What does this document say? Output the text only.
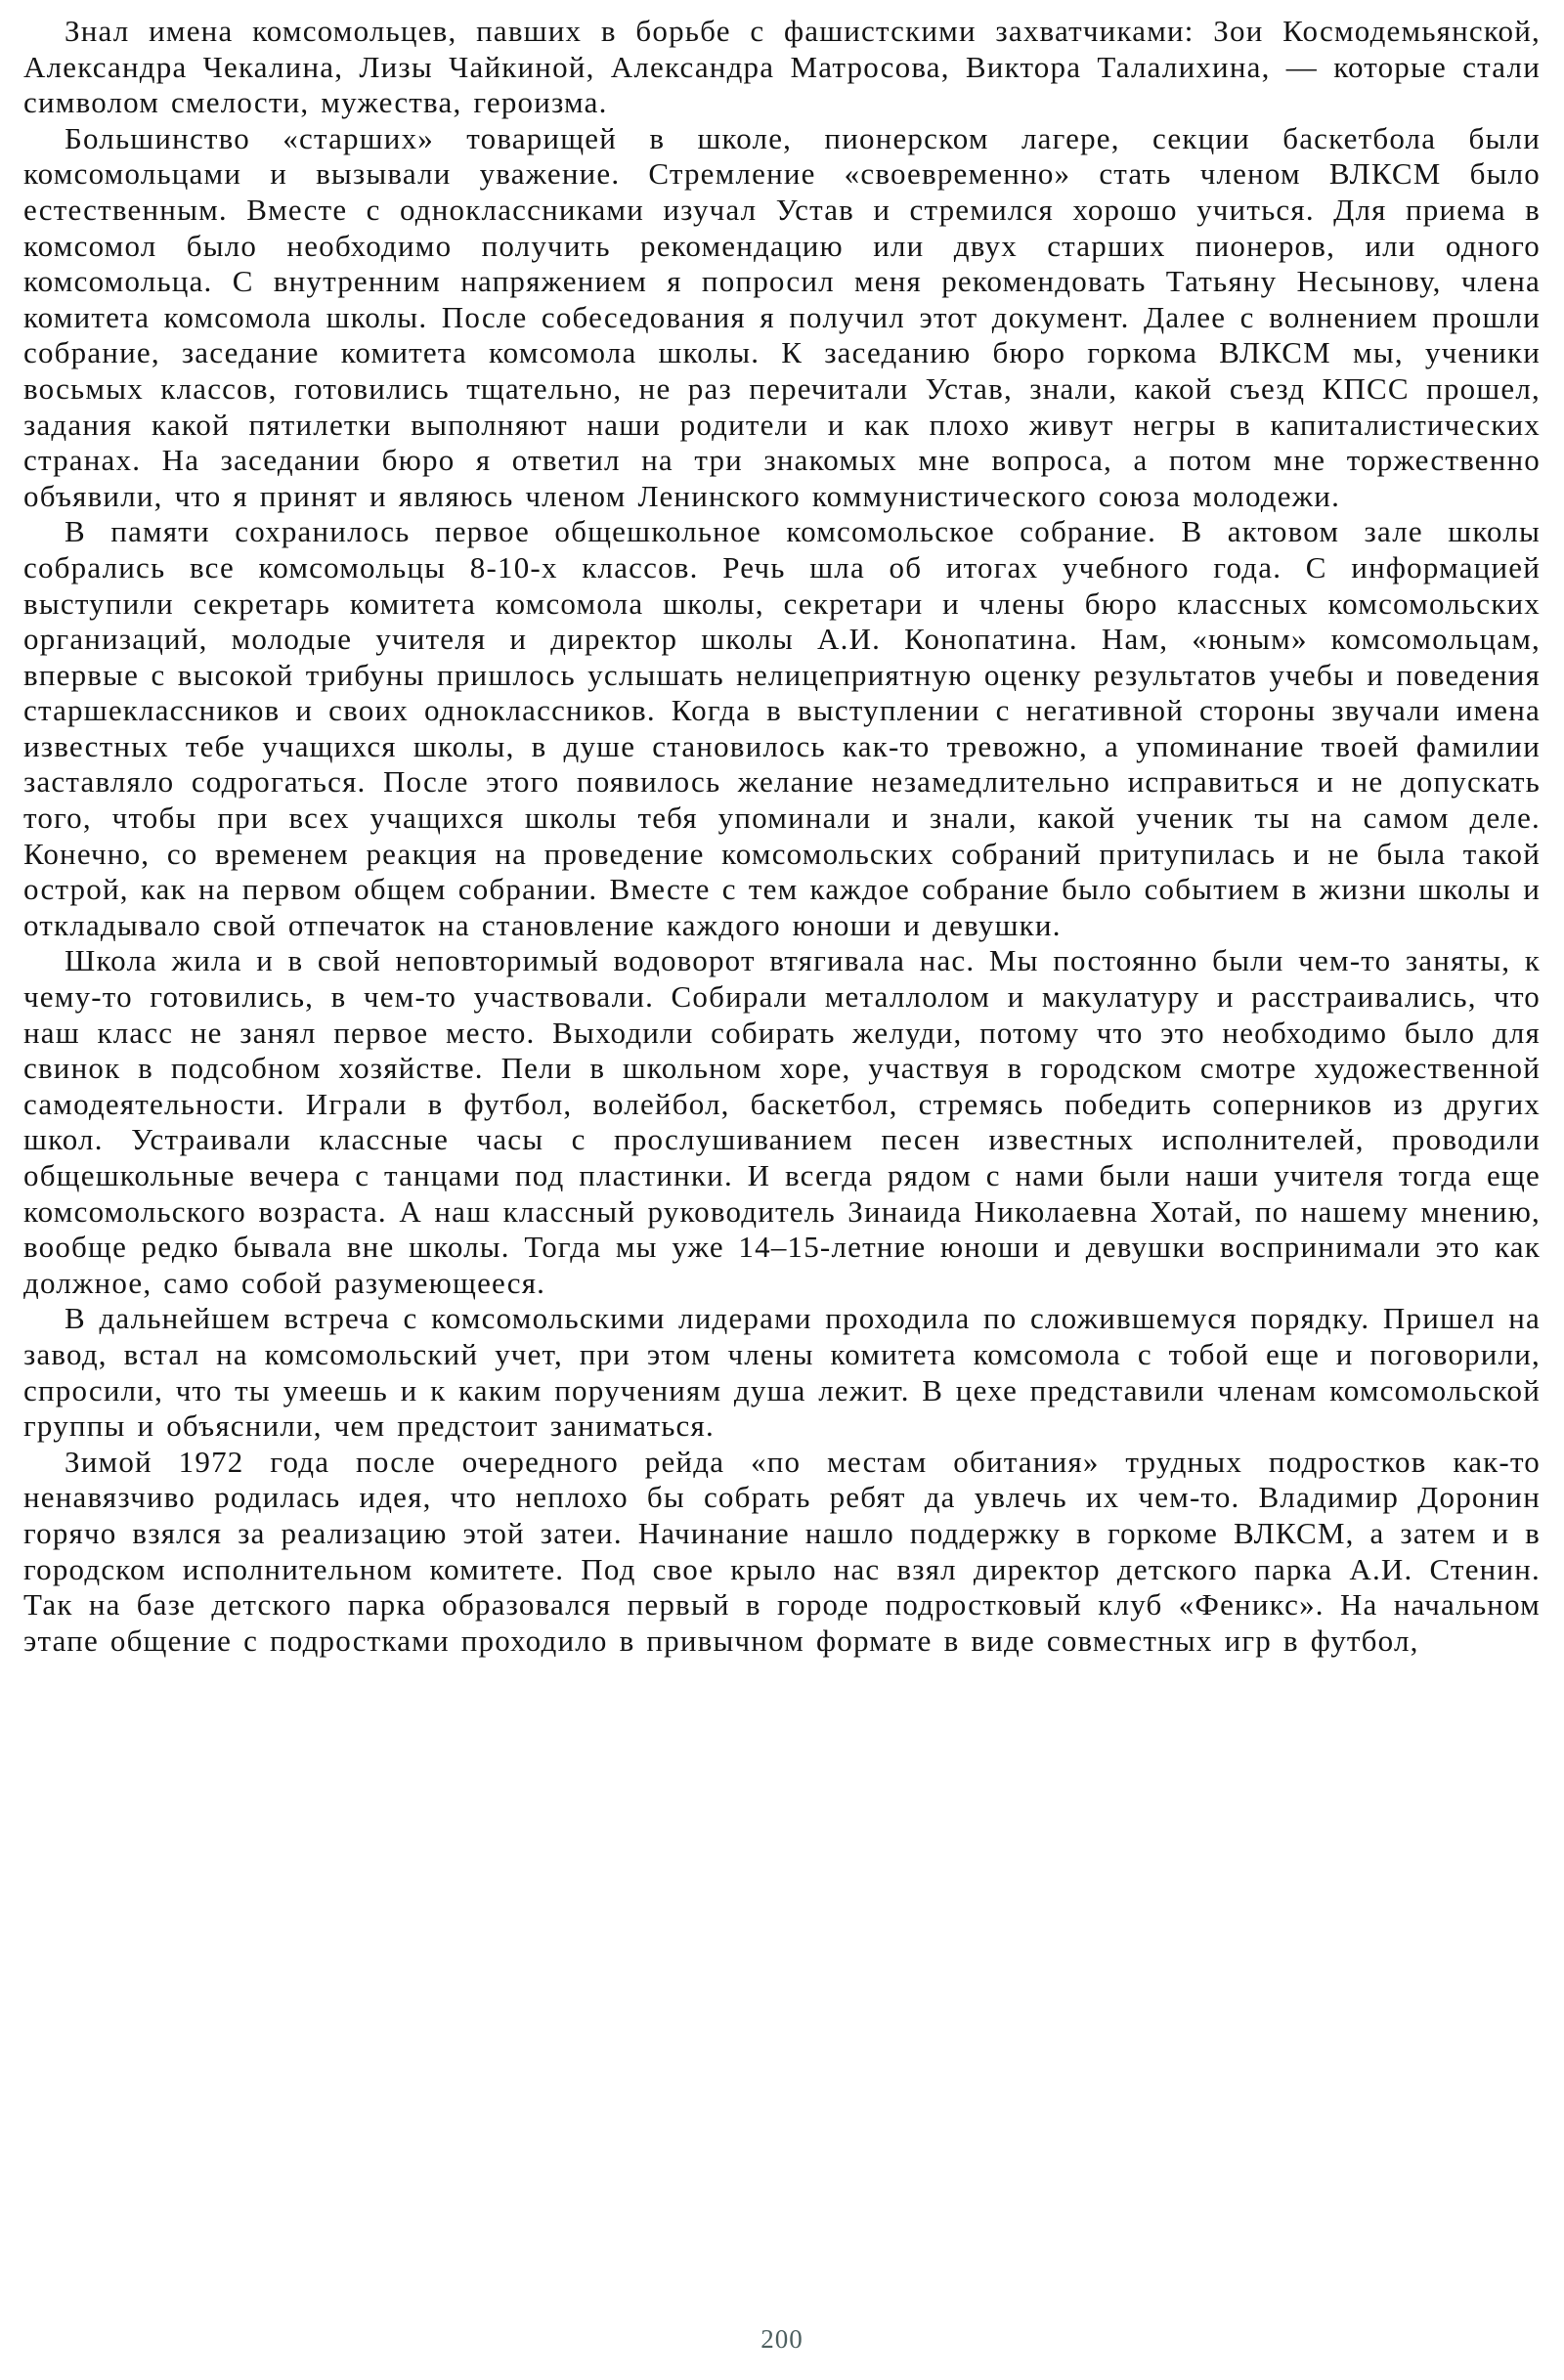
Знал имена комсомольцев, павших в борьбе с фашистскими захватчиками: Зои Космодемьянской, Александра Чекалина, Лизы Чайкиной, Александра Матросова, Виктора Талалихина, — которые стали символом смелости, мужества, героизма.

Большинство «старших» товарищей в школе, пионерском лагере, секции баскетбола были комсомольцами и вызывали уважение. Стремление «своевременно» стать членом ВЛКСМ было естественным. Вместе с одноклассниками изучал Устав и стремился хорошо учиться. Для приема в комсомол было необходимо получить рекомендацию или двух старших пионеров, или одного комсомольца. С внутренним напряжением я попросил меня рекомендовать Татьяну Несынову, члена комитета комсомола школы. После собеседования я получил этот документ. Далее с волнением прошли собрание, заседание комитета комсомола школы. К заседанию бюро горкома ВЛКСМ мы, ученики восьмых классов, готовились тщательно, не раз перечитали Устав, знали, какой съезд КПСС прошел, задания какой пятилетки выполняют наши родители и как плохо живут негры в капиталистических странах. На заседании бюро я ответил на три знакомых мне вопроса, а потом мне торжественно объявили, что я принят и являюсь членом Ленинского коммунистического союза молодежи.

В памяти сохранилось первое общешкольное комсомольское собрание. В актовом зале школы собрались все комсомольцы 8-10-х классов. Речь шла об итогах учебного года. С информацией выступили секретарь комитета комсомола школы, секретари и члены бюро классных комсомольских организаций, молодые учителя и директор школы А.И. Конопатина. Нам, «юным» комсомольцам, впервые с высокой трибуны пришлось услышать нелицеприятную оценку результатов учебы и поведения старшеклассников и своих одноклассников. Когда в выступлении с негативной стороны звучали имена известных тебе учащихся школы, в душе становилось как-то тревожно, а упоминание твоей фамилии заставляло содрогаться. После этого появилось желание незамедлительно исправиться и не допускать того, чтобы при всех учащихся школы тебя упоминали и знали, какой ученик ты на самом деле. Конечно, со временем реакция на проведение комсомольских собраний притупилась и не была такой острой, как на первом общем собрании. Вместе с тем каждое собрание было событием в жизни школы и откладывало свой отпечаток на становление каждого юноши и девушки.

Школа жила и в свой неповторимый водоворот втягивала нас. Мы постоянно были чем-то заняты, к чему-то готовились, в чем-то участвовали. Собирали металлолом и макулатуру и расстраивались, что наш класс не занял первое место. Выходили собирать желуди, потому что это необходимо было для свинок в подсобном хозяйстве. Пели в школьном хоре, участвуя в городском смотре художественной самодеятельности. Играли в футбол, волейбол, баскетбол, стремясь победить соперников из других школ. Устраивали классные часы с прослушиванием песен известных исполнителей, проводили общешкольные вечера с танцами под пластинки. И всегда рядом с нами были наши учителя тогда еще комсомольского возраста. А наш классный руководитель Зинаида Николаевна Хотай, по нашему мнению, вообще редко бывала вне школы. Тогда мы уже 14–15-летние юноши и девушки воспринимали это как должное, само собой разумеющееся.

В дальнейшем встреча с комсомольскими лидерами проходила по сложившемуся порядку. Пришел на завод, встал на комсомольский учет, при этом члены комитета комсомола с тобой еще и поговорили, спросили, что ты умеешь и к каким поручениям душа лежит. В цехе представили членам комсомольской группы и объяснили, чем предстоит заниматься.

Зимой 1972 года после очередного рейда «по местам обитания» трудных подростков как-то ненавязчиво родилась идея, что неплохо бы собрать ребят да увлечь их чем-то. Владимир Доронин горячо взялся за реализацию этой затеи. Начинание нашло поддержку в горкоме ВЛКСМ, а затем и в городском исполнительном комитете. Под свое крыло нас взял директор детского парка А.И. Стенин. Так на базе детского парка образовался первый в городе подростковый клуб «Феникс». На начальном этапе общение с подростками проходило в привычном формате в виде совместных игр в футбол,

200
